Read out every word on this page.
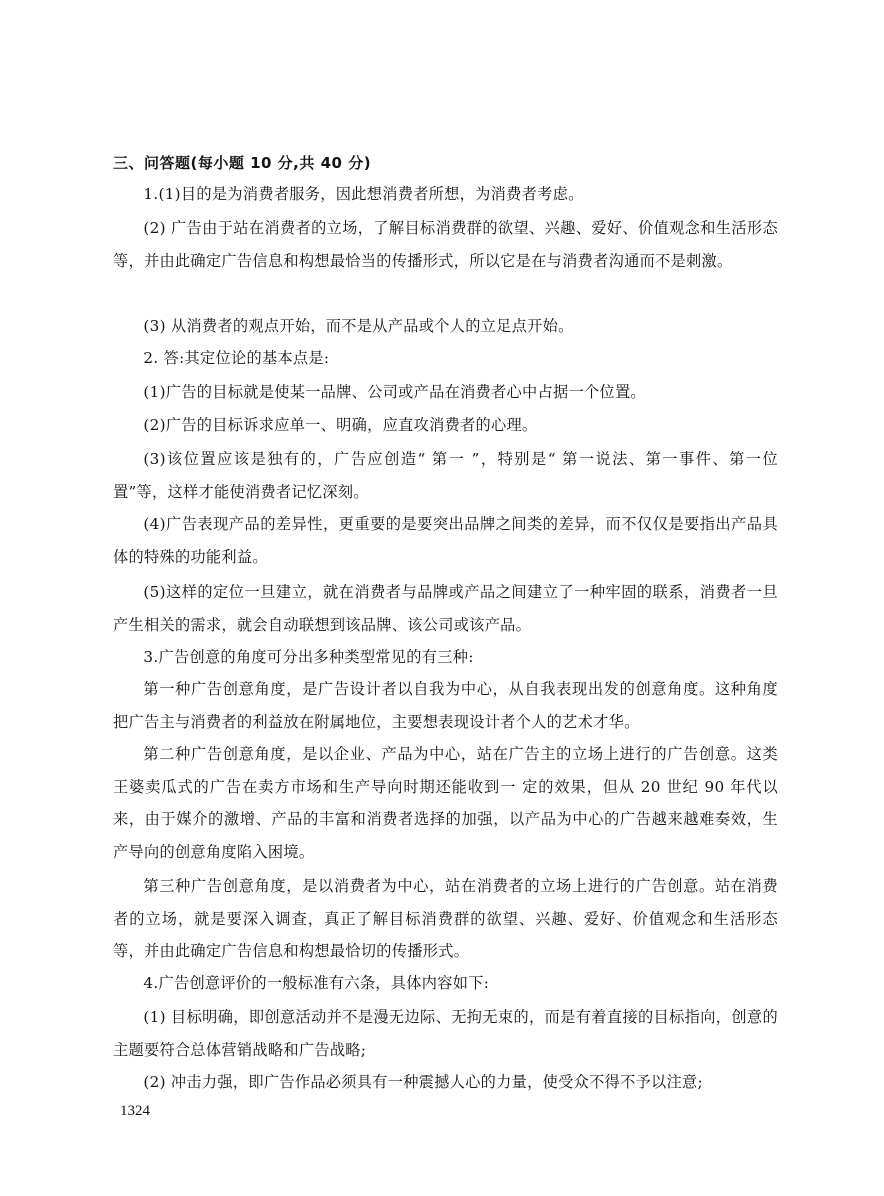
三、问答题(每小题 10 分,共 40 分)
1.(1)目的是为消费者服务，因此想消费者所想，为消费者考虑。
(2) 广告由于站在消费者的立场，了解目标消费群的欲望、兴趣、爱好、价值观念和生活形态等，并由此确定广告信息和构想最恰当的传播形式，所以它是在与消费者沟通而不是刺激。
(3) 从消费者的观点开始，而不是从产品或个人的立足点开始。
2. 答:其定位论的基本点是:
(1)广告的目标就是使某一品牌、公司或产品在消费者心中占据一个位置。
(2)广告的目标诉求应单一、明确，应直攻消费者的心理。
(3)该位置应该是独有的，广告应创造“ 第一 ”，特别是“ 第一说法、第一事件、第一位置”等，这样才能使消费者记忆深刻。
(4)广告表现产品的差异性，更重要的是要突出品牌之间类的差异，而不仅仅是要指出产品具体的特殊的功能利益。
(5)这样的定位一旦建立，就在消费者与品牌或产品之间建立了一种牢固的联系，消费者一旦产生相关的需求，就会自动联想到该品牌、该公司或该产品。
3.广告创意的角度可分出多种类型常见的有三种:
第一种广告创意角度，是广告设计者以自我为中心，从自我表现出发的创意角度。这种角度把广告主与消费者的利益放在附属地位，主要想表现设计者个人的艺术才华。
第二种广告创意角度，是以企业、产品为中心，站在广告主的立场上进行的广告创意。这类王婆卖瓜式的广告在卖方市场和生产导向时期还能收到一 定的效果，但从 20 世纪 90 年代以来，由于媒介的激增、产品的丰富和消费者选择的加强，以产品为中心的广告越来越难奏效，生产导向的创意角度陷入困境。
第三种广告创意角度，是以消费者为中心，站在消费者的立场上进行的广告创意。站在消费者的立场，就是要深入调查，真正了解目标消费群的欲望、兴趣、爱好、价值观念和生活形态等，并由此确定广告信息和构想最恰切的传播形式。
4.广告创意评价的一般标准有六条，具体内容如下:
(1) 目标明确，即创意活动并不是漫无边际、无拘无束的，而是有着直接的目标指向，创意的主题要符合总体营销战略和广告战略;
(2) 冲击力强，即广告作品必须具有一种震撼人心的力量，使受众不得不予以注意;
1324
